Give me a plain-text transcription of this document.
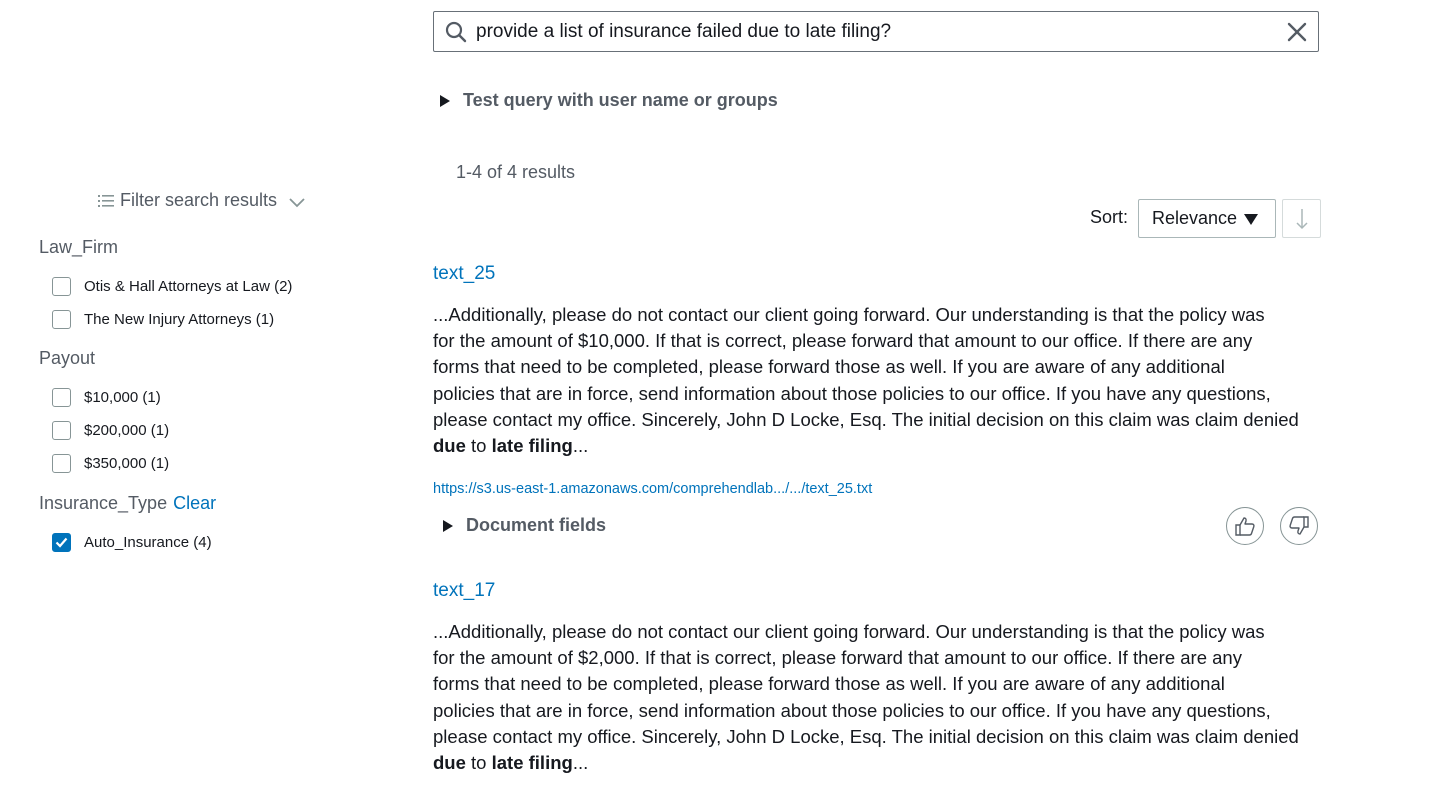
provide a list of insurance failed due to late filing?
Test query with user name or groups
1-4 of 4 results
Sort: Relevance
Filter search results
Law_Firm
Otis & Hall Attorneys at Law (2)
The New Injury Attorneys (1)
Payout
$10,000 (1)
$200,000 (1)
$350,000 (1)
Insurance_Type Clear
Auto_Insurance (4)
text_25
...Additionally, please do not contact our client going forward. Our understanding is that the policy was
for the amount of $10,000. If that is correct, please forward that amount to our office. If there are any
forms that need to be completed, please forward those as well. If you are aware of any additional
policies that are in force, send information about those policies to our office. If you have any questions,
please contact my office. Sincerely, John D Locke, Esq. The initial decision on this claim was claim denied
due to late filing...
https://s3.us-east-1.amazonaws.com/comprehendlab.../.../text_25.txt
Document fields
text_17
...Additionally, please do not contact our client going forward. Our understanding is that the policy was
for the amount of $2,000. If that is correct, please forward that amount to our office. If there are any
forms that need to be completed, please forward those as well. If you are aware of any additional
policies that are in force, send information about those policies to our office. If you have any questions,
please contact my office. Sincerely, John D Locke, Esq. The initial decision on this claim was claim denied
due to late filing...
